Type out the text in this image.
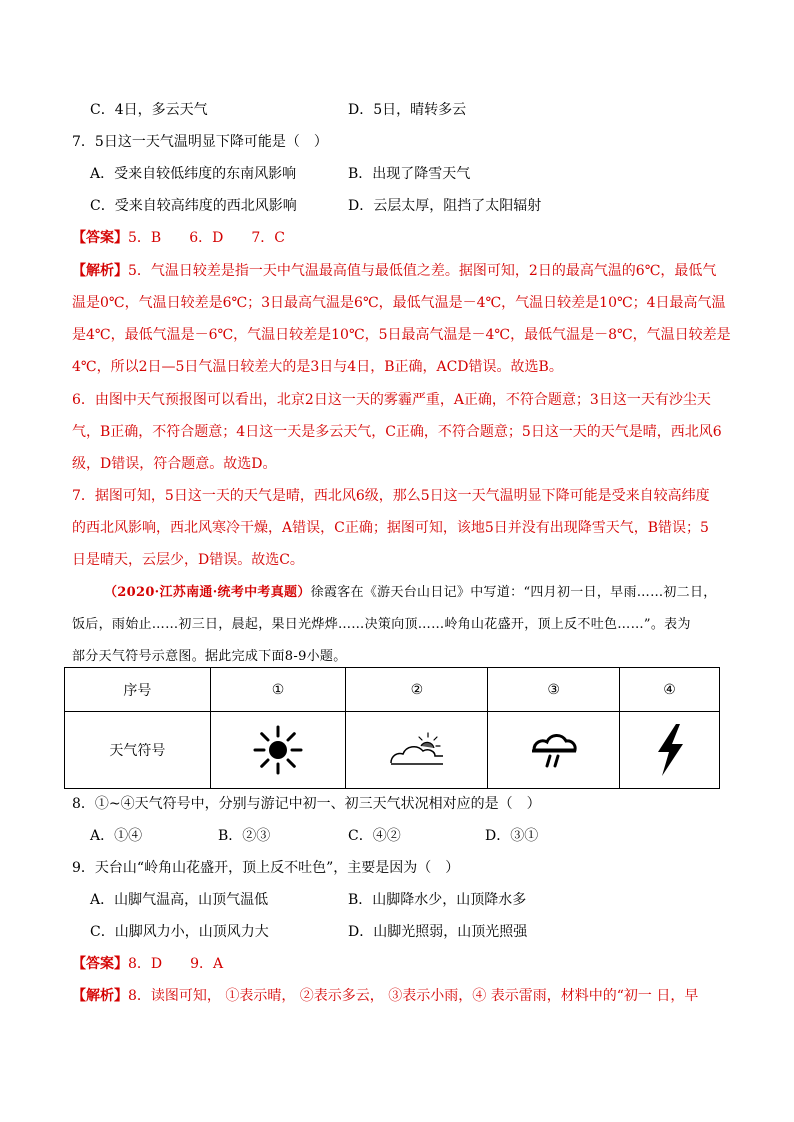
C．4日，多云天气	D．5日，晴转多云
7．5日这一天气温明显下降可能是（　）
A．受来自较低纬度的东南风影响	B．出现了降雪天气
C．受来自较高纬度的西北风影响	D．云层太厚，阻挡了太阳辐射
【答案】5．B　　6．D　　7．C
【解析】5．气温日较差是指一天中气温最高值与最低值之差。据图可知，2日的最高气温的6℃，最低气
温是0℃，气温日较差是6℃；3日最高气温是6℃，最低气温是－4℃，气温日较差是10℃；4日最高气温
是4℃，最低气温是－6℃，气温日较差是10℃，5日最高气温是－4℃，最低气温是－8℃，气温日较差是
4℃，所以2日—5日气温日较差大的是3日与4日，B正确，ACD错误。故选B。
6．由图中天气预报图可以看出，北京2日这一天的雾霾严重，A正确，不符合题意；3日这一天有沙尘天
气，B正确，不符合题意；4日这一天是多云天气，C正确，不符合题意；5日这一天的天气是晴，西北风6
级，D错误，符合题意。故选D。
7．据图可知，5日这一天的天气是晴，西北风6级，那么5日这一天气温明显下降可能是受来自较高纬度
的西北风影响，西北风寒冷干燥，A错误，C正确；据图可知，该地5日并没有出现降雪天气，B错误；5
日是晴天，云层少，D错误。故选C。
（2020·江苏南通·统考中考真题）徐霞客在《游天台山日记》中写道：“四月初一日，早雨……初二日，
饭后，雨始止……初三日，晨起，果日光烨烨……决策向顶……岭角山花盛开，顶上反不吐色……”。表为
部分天气符号示意图。据此完成下面8-9小题。
序号	①	②	③	④
天气符号				
8．①~④天气符号中，分别与游记中初一、初三天气状况相对应的是（　）
A．①④	B．②③	C．④②	D．③①
9．天台山“岭角山花盛开，顶上反不吐色”，主要是因为（　）
A．山脚气温高，山顶气温低	B．山脚降水少，山顶降水多
C．山脚风力小，山顶风力大	D．山脚光照弱，山顶光照强
【答案】8．D　　9．A
【解析】8．读图可知， ①表示晴， ②表示多云， ③表示小雨，④ 表示雷雨，材料中的“初一 日，早
